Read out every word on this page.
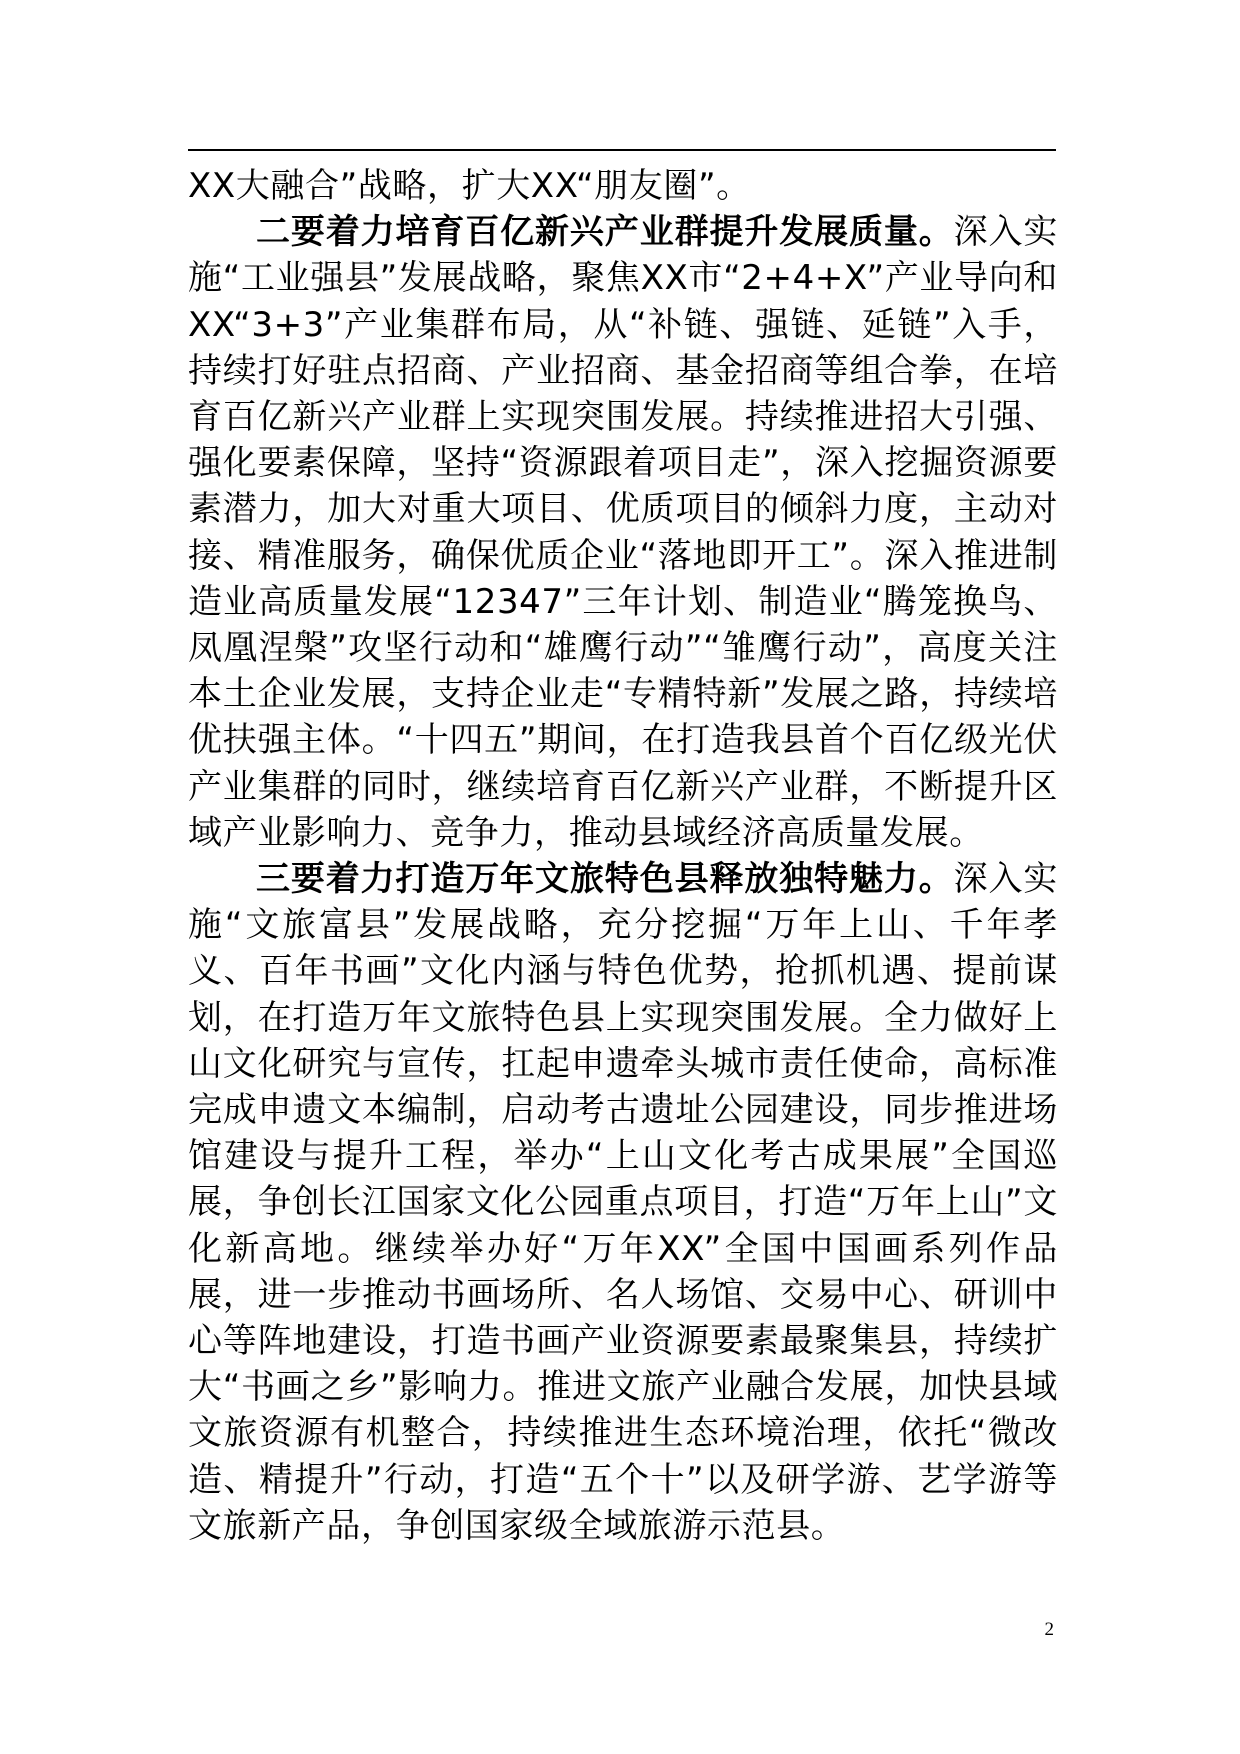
XX大融合”战略，扩大XX“朋友圈”。

二要着力培育百亿新兴产业群提升发展质量。深入实施“工业强县”发展战略，聚焦XX市“2+4+X”产业导向和XX“3+3”产业集群布局，从“补链、强链、延链”入手，持续打好驻点招商、产业招商、基金招商等组合拳，在培育百亿新兴产业群上实现突围发展。持续推进招大引强、强化要素保障，坚持“资源跟着项目走”，深入挖掘资源要素潜力，加大对重大项目、优质项目的倾斜力度，主动对接、精准服务，确保优质企业“落地即开工”。深入推进制造业高质量发展“12347”三年计划、制造业“腾笼换鸟、凤凰涅槃”攻坚行动和“雄鹰行动”“雏鹰行动”，高度关注本土企业发展，支持企业走“专精特新”发展之路，持续培优扶强主体。“十四五”期间，在打造我县首个百亿级光伏产业集群的同时，继续培育百亿新兴产业群，不断提升区域产业影响力、竞争力，推动县域经济高质量发展。

三要着力打造万年文旅特色县释放独特魅力。深入实施“文旅富县”发展战略，充分挖掘“万年上山、千年孝义、百年书画”文化内涵与特色优势，抢抓机遇、提前谋划，在打造万年文旅特色县上实现突围发展。全力做好上山文化研究与宣传，扛起申遗牵头城市责任使命，高标准完成申遗文本编制，启动考古遗址公园建设，同步推进场馆建设与提升工程，举办“上山文化考古成果展”全国巡展，争创长江国家文化公园重点项目，打造“万年上山”文化新高地。继续举办好“万年XX”全国中国画系列作品展，进一步推动书画场所、名人场馆、交易中心、研训中心等阵地建设，打造书画产业资源要素最聚集县，持续扩大“书画之乡”影响力。推进文旅产业融合发展，加快县域文旅资源有机整合，持续推进生态环境治理，依托“微改造、精提升”行动，打造“五个十”以及研学游、艺学游等文旅新产品，争创国家级全域旅游示范县。

2
